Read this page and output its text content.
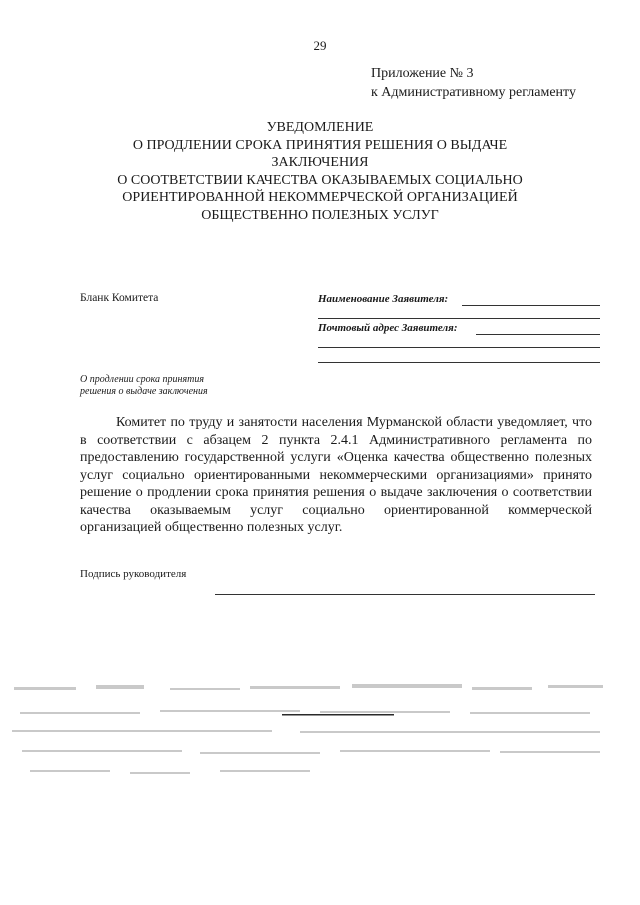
29
Приложение № 3
к Административному регламенту
УВЕДОМЛЕНИЕ
О ПРОДЛЕНИИ СРОКА ПРИНЯТИЯ РЕШЕНИЯ О ВЫДАЧЕ
ЗАКЛЮЧЕНИЯ
О СООТВЕТСТВИИ КАЧЕСТВА ОКАЗЫВАЕМЫХ СОЦИАЛЬНО
ОРИЕНТИРОВАННОЙ НЕКОММЕРЧЕСКОЙ ОРГАНИЗАЦИЕЙ
ОБЩЕСТВЕННО ПОЛЕЗНЫХ УСЛУГ
Бланк Комитета	Наименование Заявителя:
Почтовый адрес Заявителя:
О продлении срока принятия
решения о выдаче заключения
Комитет по труду и занятости населения Мурманской области уведомляет, что в соответствии с абзацем 2 пункта 2.4.1 Административного регламента по предоставлению государственной услуги «Оценка качества общественно полезных услуг социально ориентированными некоммерческими организациями» принято решение о продлении срока принятия решения о выдаче заключения о соответствии качества оказываемым услуг социально ориентированной коммерческой организацией общественно полезных услуг.
Подпись руководителя
